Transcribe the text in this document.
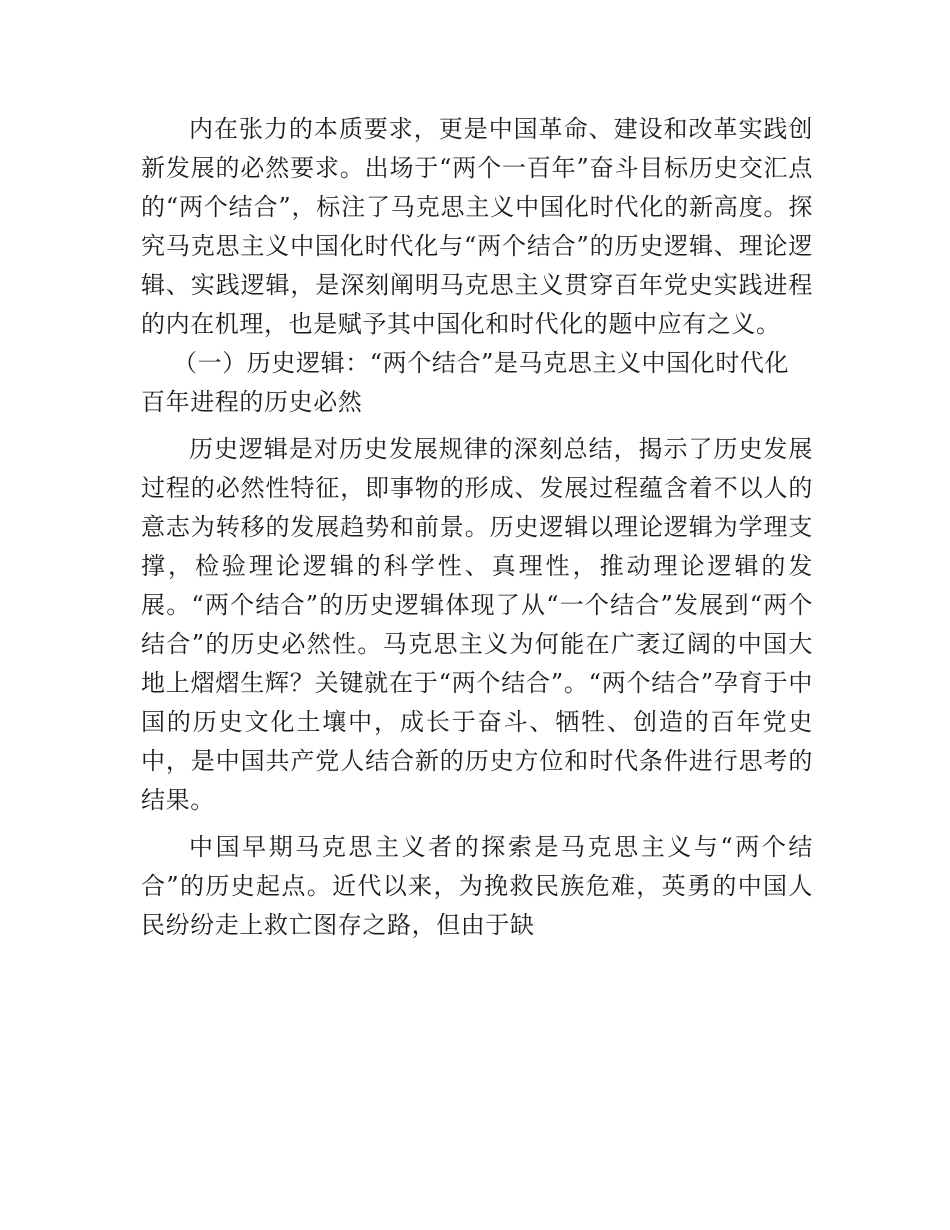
内在张力的本质要求，更是中国革命、建设和改革实践创新发展的必然要求。出场于“两个一百年”奋斗目标历史交汇点的“两个结合”，标注了马克思主义中国化时代化的新高度。探究马克思主义中国化时代化与“两个结合”的历史逻辑、理论逻辑、实践逻辑，是深刻阐明马克思主义贯穿百年党史实践进程的内在机理，也是赋予其中国化和时代化的题中应有之义。

（一）历史逻辑：“两个结合”是马克思主义中国化时代化百年进程的历史必然

历史逻辑是对历史发展规律的深刻总结，揭示了历史发展过程的必然性特征，即事物的形成、发展过程蕴含着不以人的意志为转移的发展趋势和前景。历史逻辑以理论逻辑为学理支撑，检验理论逻辑的科学性、真理性，推动理论逻辑的发展。“两个结合”的历史逻辑体现了从“一个结合”发展到“两个结合”的历史必然性。马克思主义为何能在广袤辽阔的中国大地上熠熠生辉？关键就在于“两个结合”。“两个结合”孕育于中国的历史文化土壤中，成长于奋斗、牺牲、创造的百年党史中，是中国共产党人结合新的历史方位和时代条件进行思考的结果。

中国早期马克思主义者的探索是马克思主义与“两个结合”的历史起点。近代以来，为挽救民族危难，英勇的中国人民纷纷走上救亡图存之路，但由于缺
